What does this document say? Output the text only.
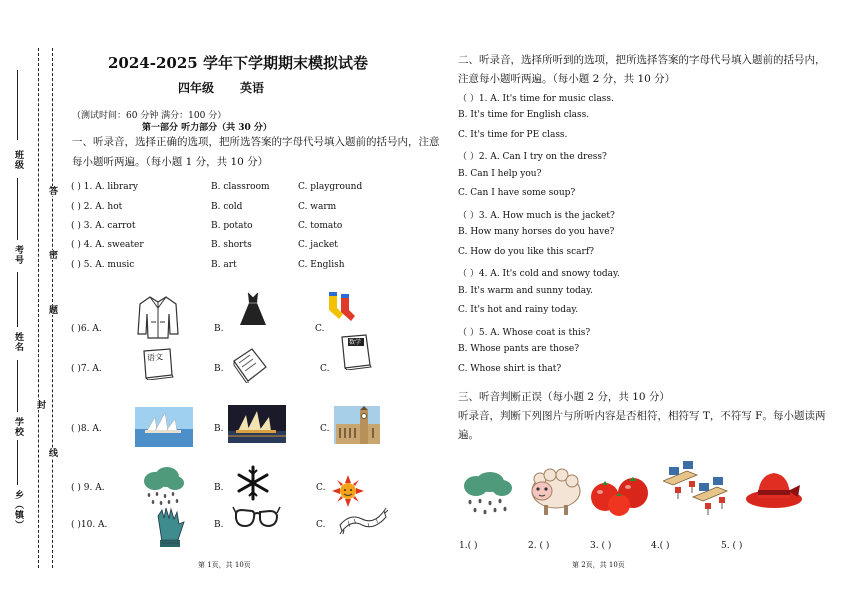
班级
考号
姓名
学校
乡（镇）
答
密
题
封
线
2024-2025 学年下学期期末模拟试卷
四年级 英语
（测试时间：60 分钟 满分：100 分）
第一部分 听力部分（共 30 分）
一、听录音，选择正确的选项，把所选答案的字母代号填入题前的括号内，注意
每小题听两遍。（每小题 1 分，共 10 分）
( ) 1. A. library	B. classroom	C. playground
( ) 2. A. hot	B. cold	C. warm
( ) 3. A. carrot	B. potato	C. tomato
( ) 4. A. sweater	B. shorts	C. jacket
( ) 5. A. music	B. art	C. English
( )6. A.	B.	C.
( )7. A.	B.	C.
语文
数学
( )8. A.	B.	C.
( ) 9. A.	B.	C.
( )10. A.	B.	C.
第 1页，共 10页
二、听录音，选择所听到的选项，把所选择答案的字母代号填入题前的括号内，
注意每小题听两遍。（每小题 2 分，共 10 分）
（ ）1. A. It's time for music class.
B. It's time for English class.
C. It's time for PE class.
（ ）2. A. Can I try on the dress?
B. Can I help you?
C. Can I have some soup?
（ ）3. A. How much is the jacket?
B. How many horses do you have?
C. How do you like this scarf?
（ ）4. A. It's cold and snowy today.
B. It's warm and sunny today.
C. It's hot and rainy today.
（ ）5. A. Whose coat is this?
B. Whose pants are those?
C. Whose shirt is that?
三、听音判断正误（每小题 2 分，共 10 分）
听录音，判断下列图片与所听内容是否相符，相符写 T，不符写 F。每小题读两
遍。
1.( )	2. ( )	3. ( )	4.( )	5. ( )
第 2页，共 10页
